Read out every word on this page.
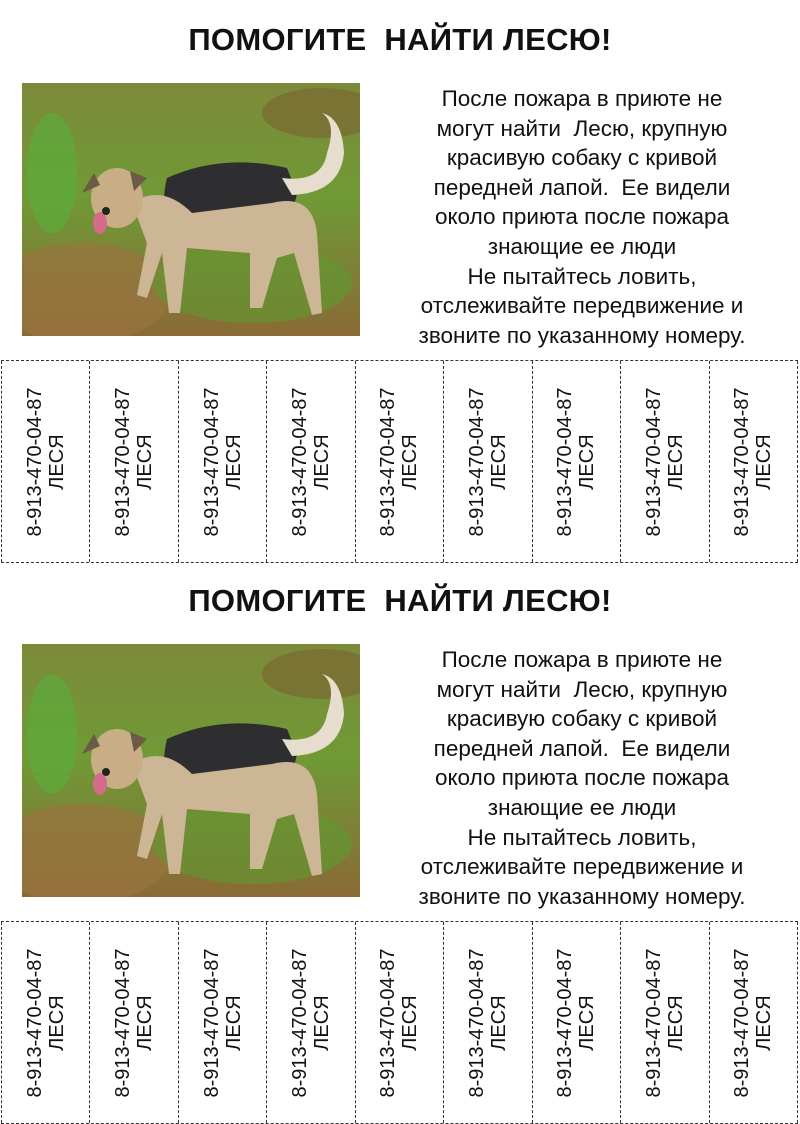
ПОМОГИТЕ  НАЙТИ ЛЕСЮ!
После пожара в приюте не
могут найти  Лесю, крупную
красивую собаку с кривой
передней лапой.  Ее видели
около приюта после пожара
знающие ее люди
Не пытайтесь ловить,
отслеживайте передвижение и
звоните по указанному номеру.
8-913-470-04-87 ЛЕСЯ 8-913-470-04-87 ЛЕСЯ 8-913-470-04-87 ЛЕСЯ 8-913-470-04-87 ЛЕСЯ 8-913-470-04-87 ЛЕСЯ 8-913-470-04-87 ЛЕСЯ 8-913-470-04-87 ЛЕСЯ 8-913-470-04-87 ЛЕСЯ 8-913-470-04-87 ЛЕСЯ
ПОМОГИТЕ  НАЙТИ ЛЕСЮ!
После пожара в приюте не
могут найти  Лесю, крупную
красивую собаку с кривой
передней лапой.  Ее видели
около приюта после пожара
знающие ее люди
Не пытайтесь ловить,
отслеживайте передвижение и
звоните по указанному номеру.
8-913-470-04-87 ЛЕСЯ 8-913-470-04-87 ЛЕСЯ 8-913-470-04-87 ЛЕСЯ 8-913-470-04-87 ЛЕСЯ 8-913-470-04-87 ЛЕСЯ 8-913-470-04-87 ЛЕСЯ 8-913-470-04-87 ЛЕСЯ 8-913-470-04-87 ЛЕСЯ 8-913-470-04-87 ЛЕСЯ
